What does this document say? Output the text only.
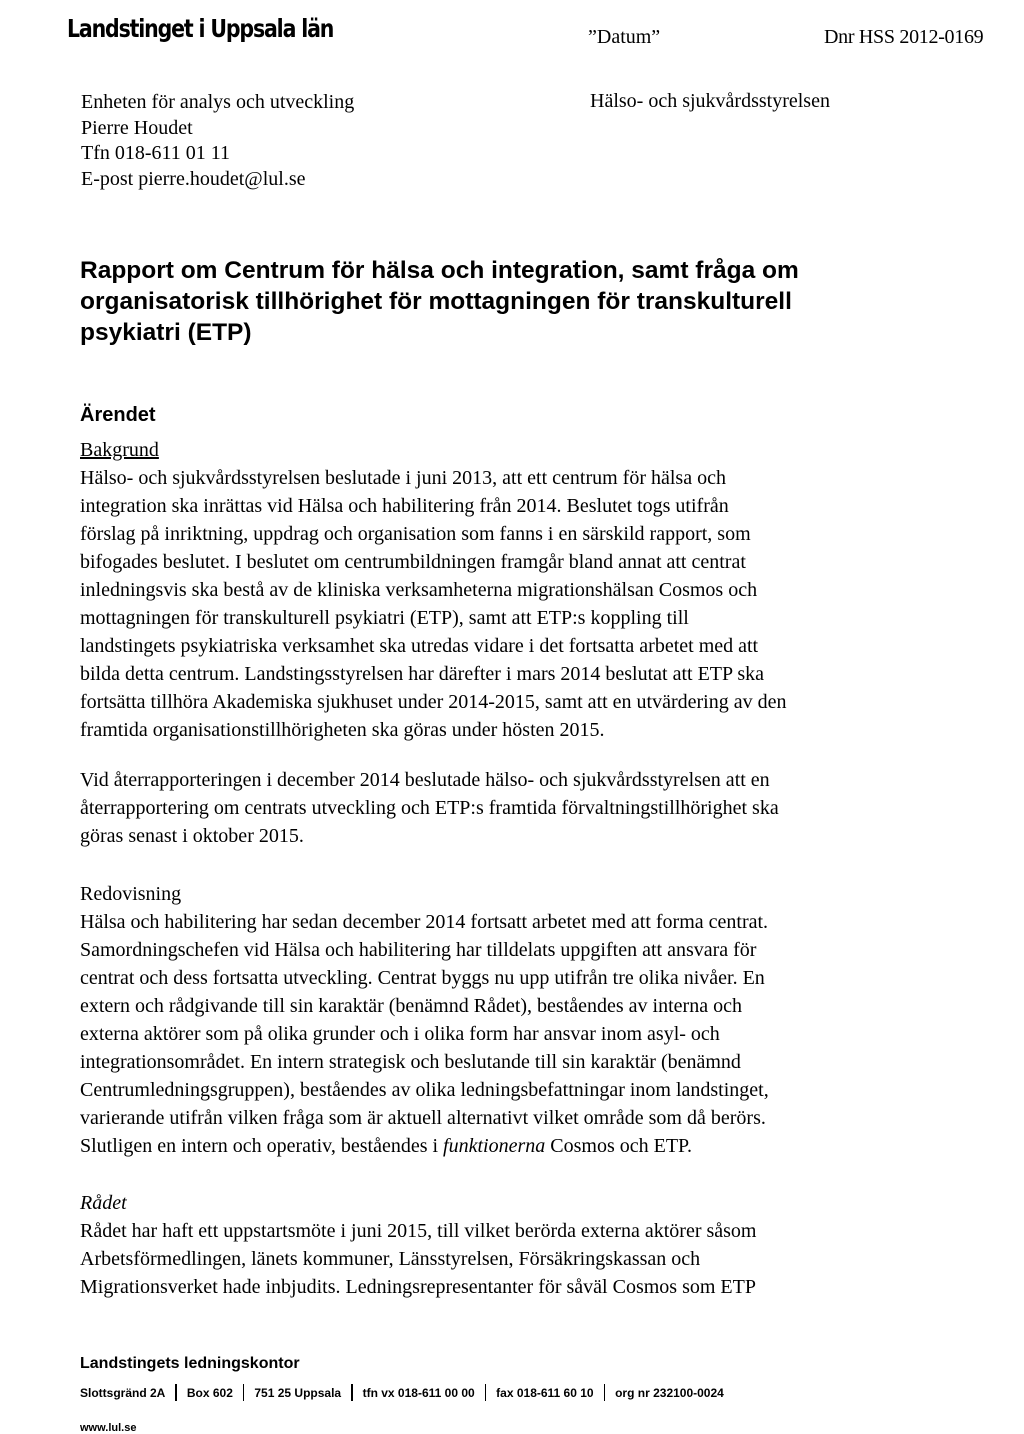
Landstinget i Uppsala län	”Datum”	Dnr HSS 2012-0169
Enheten för analys och utveckling
Pierre Houdet
Tfn 018-611 01 11
E-post pierre.houdet@lul.se
Hälso- och sjukvårdsstyrelsen
Rapport om Centrum för hälsa och integration, samt fråga om
organisatorisk tillhörighet för mottagningen för transkulturell
psykiatri (ETP)
Ärendet
Bakgrund
Hälso- och sjukvårdsstyrelsen beslutade i juni 2013, att ett centrum för hälsa och
integration ska inrättas vid Hälsa och habilitering från 2014. Beslutet togs utifrån
förslag på inriktning, uppdrag och organisation som fanns i en särskild rapport, som
bifogades beslutet. I beslutet om centrumbildningen framgår bland annat att centrat
inledningsvis ska bestå av de kliniska verksamheterna migrationshälsan Cosmos och
mottagningen för transkulturell psykiatri (ETP), samt att ETP:s koppling till
landstingets psykiatriska verksamhet ska utredas vidare i det fortsatta arbetet med att
bilda detta centrum. Landstingsstyrelsen har därefter i mars 2014 beslutat att ETP ska
fortsätta tillhöra Akademiska sjukhuset under 2014-2015, samt att en utvärdering av den
framtida organisationstillhörigheten ska göras under hösten 2015.
Vid återrapporteringen i december 2014 beslutade hälso- och sjukvårdsstyrelsen att en
återrapportering om centrats utveckling och ETP:s framtida förvaltningstillhörighet ska
göras senast i oktober 2015.
Redovisning
Hälsa och habilitering har sedan december 2014 fortsatt arbetet med att forma centrat.
Samordningschefen vid Hälsa och habilitering har tilldelats uppgiften att ansvara för
centrat och dess fortsatta utveckling. Centrat byggs nu upp utifrån tre olika nivåer. En
extern och rådgivande till sin karaktär (benämnd Rådet), beståendes av interna och
externa aktörer som på olika grunder och i olika form har ansvar inom asyl- och
integrationsområdet. En intern strategisk och beslutande till sin karaktär (benämnd
Centrumledningsgruppen), beståendes av olika ledningsbefattningar inom landstinget,
varierande utifrån vilken fråga som är aktuell alternativt vilket område som då berörs.
Slutligen en intern och operativ, beståendes i funktionerna Cosmos och ETP.
Rådet
Rådet har haft ett uppstartsmöte i juni 2015, till vilket berörda externa aktörer såsom
Arbetsförmedlingen, länets kommuner, Länsstyrelsen, Försäkringskassan och
Migrationsverket hade inbjudits. Ledningsrepresentanter för såväl Cosmos som ETP
Landstingets ledningskontor
Slottsgränd 2A Box 602 751 25 Uppsala tfn vx 018-611 00 00 fax 018-611 60 10 org nr 232100-0024
www.lul.se
